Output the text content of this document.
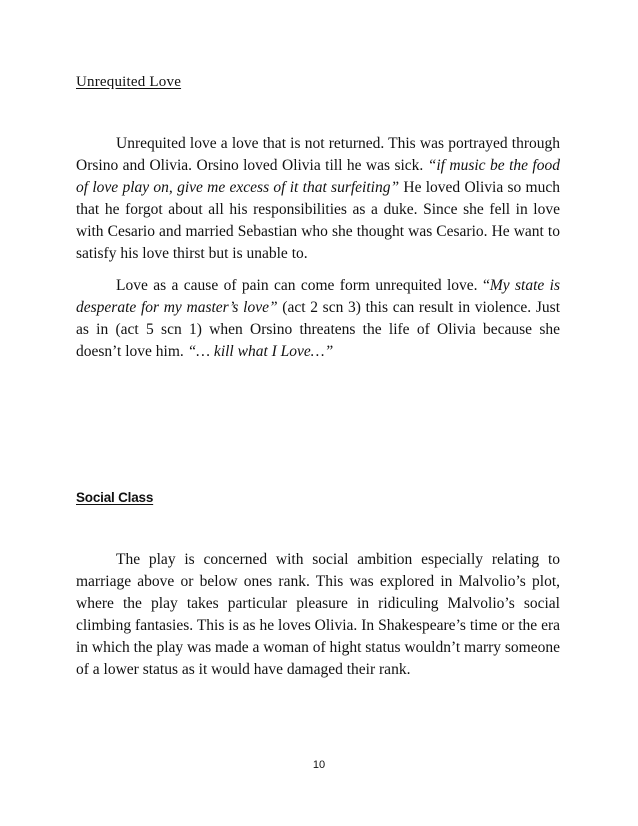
Unrequited Love

Unrequited love a love that is not returned. This was portrayed through Orsino and Olivia. Orsino loved Olivia till he was sick. “if music be the food of love play on, give me excess of it that surfeiting” He loved Olivia so much that he forgot about all his responsibilities as a duke. Since she fell in love with Cesario and married Sebastian who she thought was Cesario. He want to satisfy his love thirst but is unable to.

Love as a cause of pain can come form unrequited love. “My state is desperate for my master’s love” (act 2 scn 3) this can result in violence. Just as in (act 5 scn 1) when Orsino threatens the life of Olivia because she doesn’t love him. “… kill what I Love…”

Social Class

The play is concerned with social ambition especially relating to marriage above or below ones rank. This was explored in Malvolio’s plot, where the play takes particular pleasure in ridiculing Malvolio’s social climbing fantasies. This is as he loves Olivia. In Shakespeare’s time or the era in which the play was made a woman of hight status wouldn’t marry someone of a lower status as it would have damaged their rank.

10
